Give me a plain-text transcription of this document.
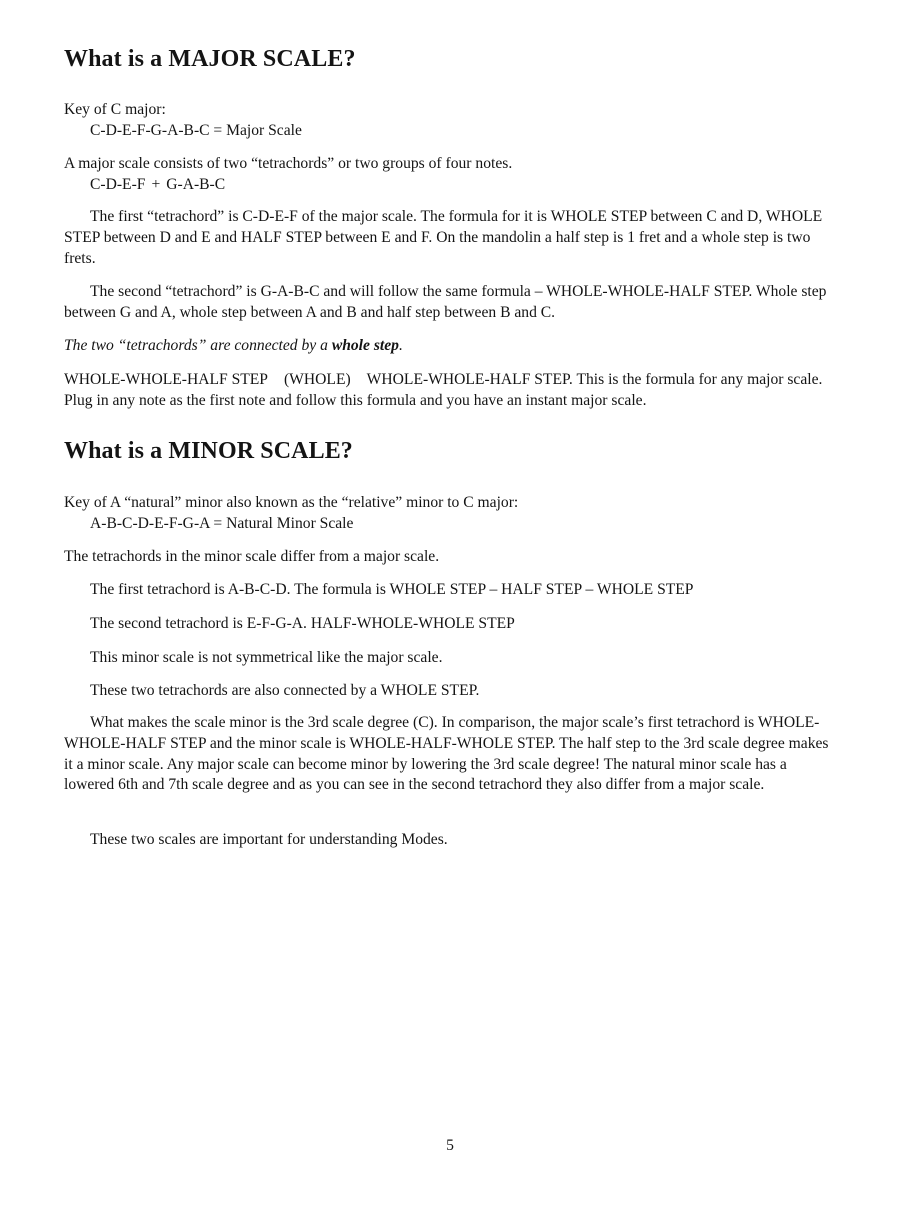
What is a MAJOR SCALE?

Key of C major:
C-D-E-F-G-A-B-C = Major Scale

A major scale consists of two “tetrachords” or two groups of four notes.
C-D-E-F + G-A-B-C

The first “tetrachord” is C-D-E-F of the major scale. The formula for it is WHOLE STEP between C and D, WHOLE STEP between D and E and HALF STEP between E and F. On the mandolin a half step is 1 fret and a whole step is two frets.

The second “tetrachord” is G-A-B-C and will follow the same formula – WHOLE-WHOLE-HALF STEP. Whole step between G and A, whole step between A and B and half step between B and C.

The two “tetrachords” are connected by a whole step.

WHOLE-WHOLE-HALF STEP (WHOLE) WHOLE-WHOLE-HALF STEP. This is the formula for any major scale. Plug in any note as the first note and follow this formula and you have an instant major scale.

What is a MINOR SCALE?

Key of A “natural” minor also known as the “relative” minor to C major:
A-B-C-D-E-F-G-A = Natural Minor Scale

The tetrachords in the minor scale differ from a major scale.

The first tetrachord is A-B-C-D. The formula is WHOLE STEP – HALF STEP – WHOLE STEP

The second tetrachord is E-F-G-A. HALF-WHOLE-WHOLE STEP

This minor scale is not symmetrical like the major scale.

These two tetrachords are also connected by a WHOLE STEP.

What makes the scale minor is the 3rd scale degree (C). In comparison, the major scale’s first tetrachord is WHOLE-WHOLE-HALF STEP and the minor scale is WHOLE-HALF-WHOLE STEP. The half step to the 3rd scale degree makes it a minor scale. Any major scale can become minor by lowering the 3rd scale degree! The natural minor scale has a lowered 6th and 7th scale degree and as you can see in the second tetrachord they also differ from a major scale.

These two scales are important for understanding Modes.

5
